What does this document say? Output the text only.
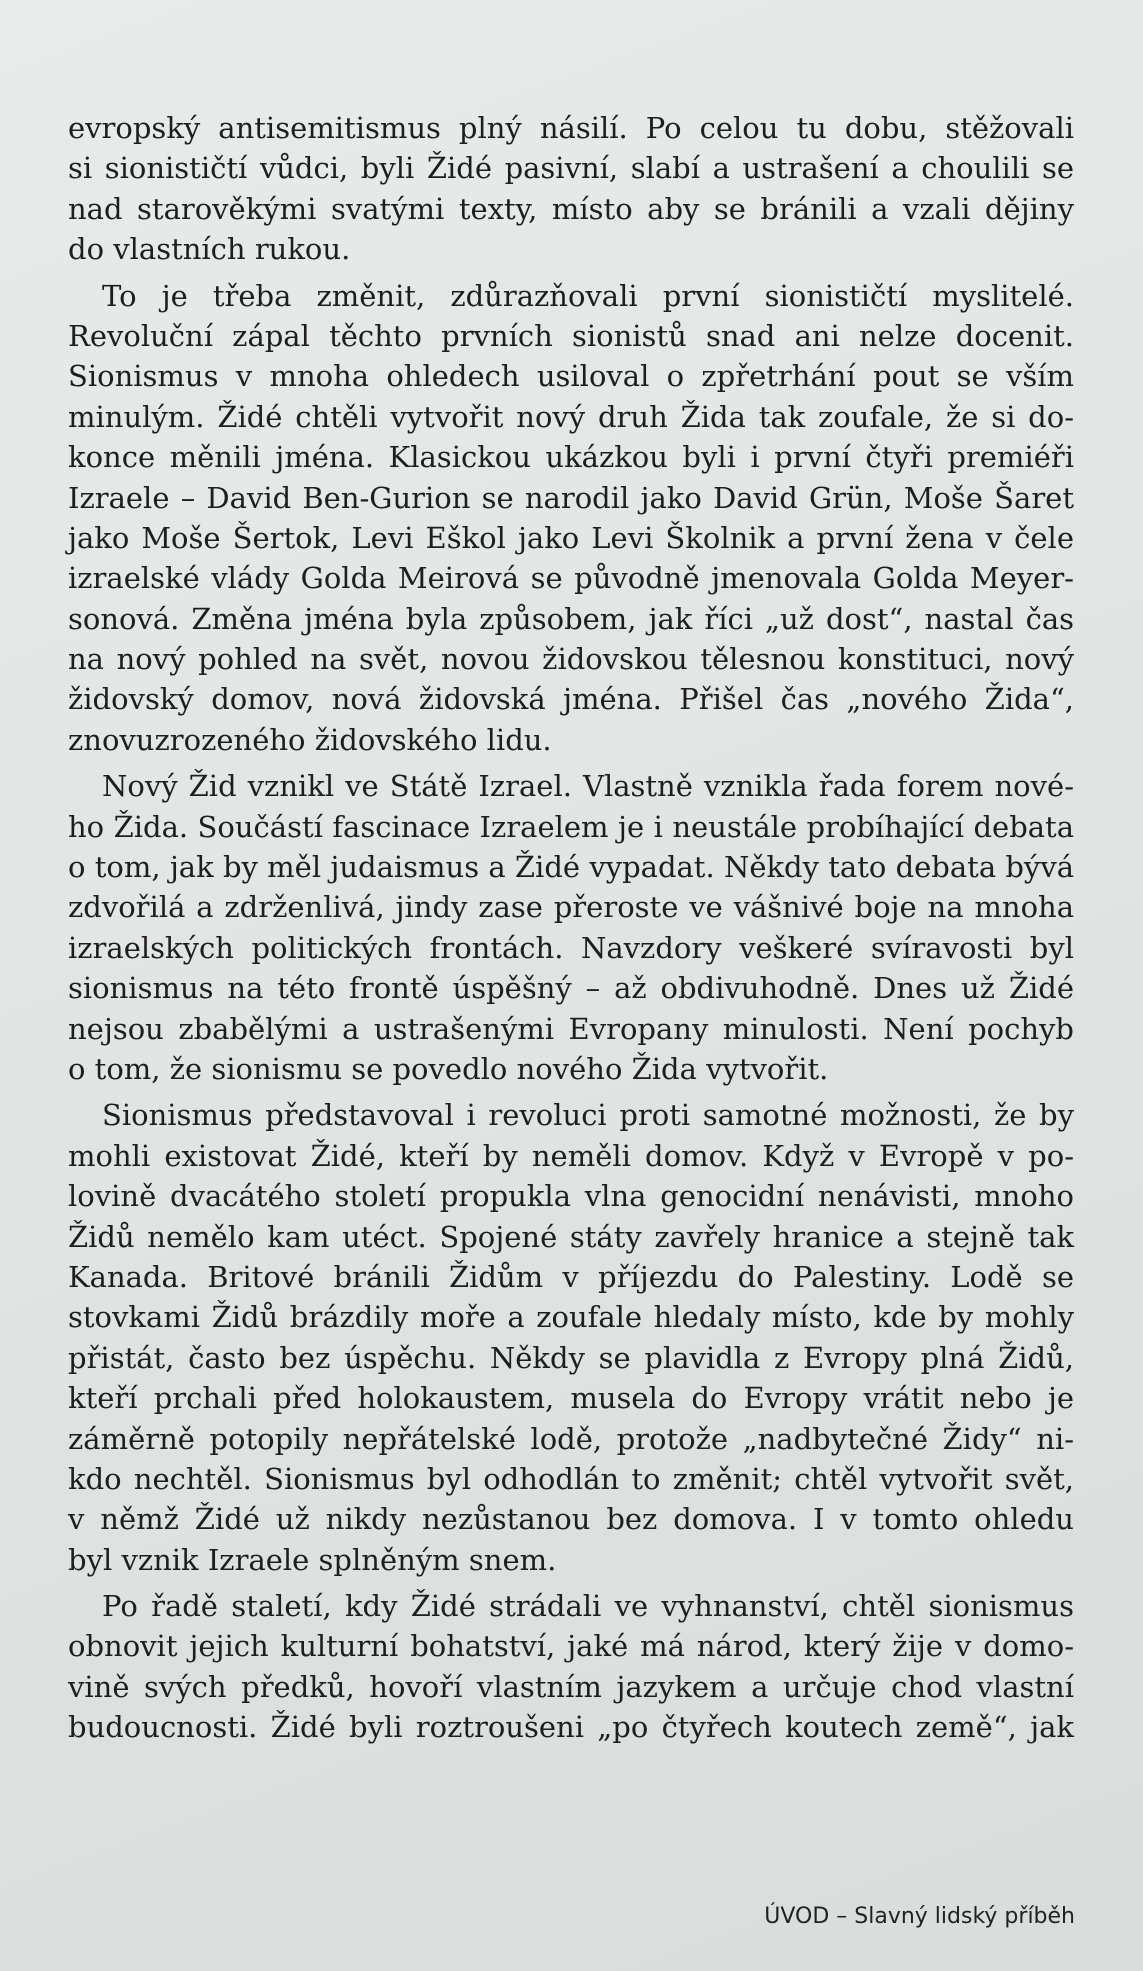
evropský antisemitismus plný násilí. Po celou tu dobu, stěžovali
si sionističtí vůdci, byli Židé pasivní, slabí a ustrašení a choulili se
nad starověkými svatými texty, místo aby se bránili a vzali dějiny
do vlastních rukou.
To je třeba změnit, zdůrazňovali první sionističtí myslitelé.
Revoluční zápal těchto prvních sionistů snad ani nelze docenit.
Sionismus v mnoha ohledech usiloval o zpřetrhání pout se vším
minulým. Židé chtěli vytvořit nový druh Žida tak zoufale, že si do-
konce měnili jména. Klasickou ukázkou byli i první čtyři premiéři
Izraele – David Ben-Gurion se narodil jako David Grün, Moše Šaret
jako Moše Šertok, Levi Eškol jako Levi Školnik a první žena v čele
izraelské vlády Golda Meirová se původně jmenovala Golda Meyer-
sonová. Změna jména byla způsobem, jak říci „už dost“, nastal čas
na nový pohled na svět, novou židovskou tělesnou konstituci, nový
židovský domov, nová židovská jména. Přišel čas „nového Žida“,
znovuzrozeného židovského lidu.
Nový Žid vznikl ve Státě Izrael. Vlastně vznikla řada forem nové-
ho Žida. Součástí fascinace Izraelem je i neustále probíhající debata
o tom, jak by měl judaismus a Židé vypadat. Někdy tato debata bývá
zdvořilá a zdrženlivá, jindy zase přeroste ve vášnivé boje na mnoha
izraelských politických frontách. Navzdory veškeré svíravosti byl
sionismus na této frontě úspěšný – až obdivuhodně. Dnes už Židé
nejsou zbabělými a ustrašenými Evropany minulosti. Není pochyb
o tom, že sionismu se povedlo nového Žida vytvořit.
Sionismus představoval i revoluci proti samotné možnosti, že by
mohli existovat Židé, kteří by neměli domov. Když v Evropě v po-
lovině dvacátého století propukla vlna genocidní nenávisti, mnoho
Židů nemělo kam utéct. Spojené státy zavřely hranice a stejně tak
Kanada. Britové bránili Židům v příjezdu do Palestiny. Lodě se
stovkami Židů brázdily moře a zoufale hledaly místo, kde by mohly
přistát, často bez úspěchu. Někdy se plavidla z Evropy plná Židů,
kteří prchali před holokaustem, musela do Evropy vrátit nebo je
záměrně potopily nepřátelské lodě, protože „nadbytečné Židy“ ni-
kdo nechtěl. Sionismus byl odhodlán to změnit; chtěl vytvořit svět,
v němž Židé už nikdy nezůstanou bez domova. I v tomto ohledu
byl vznik Izraele splněným snem.
Po řadě staletí, kdy Židé strádali ve vyhnanství, chtěl sionismus
obnovit jejich kulturní bohatství, jaké má národ, který žije v domo-
vině svých předků, hovoří vlastním jazykem a určuje chod vlastní
budoucnosti. Židé byli roztroušeni „po čtyřech koutech země“, jak
ÚVOD – Slavný lidský příběh
